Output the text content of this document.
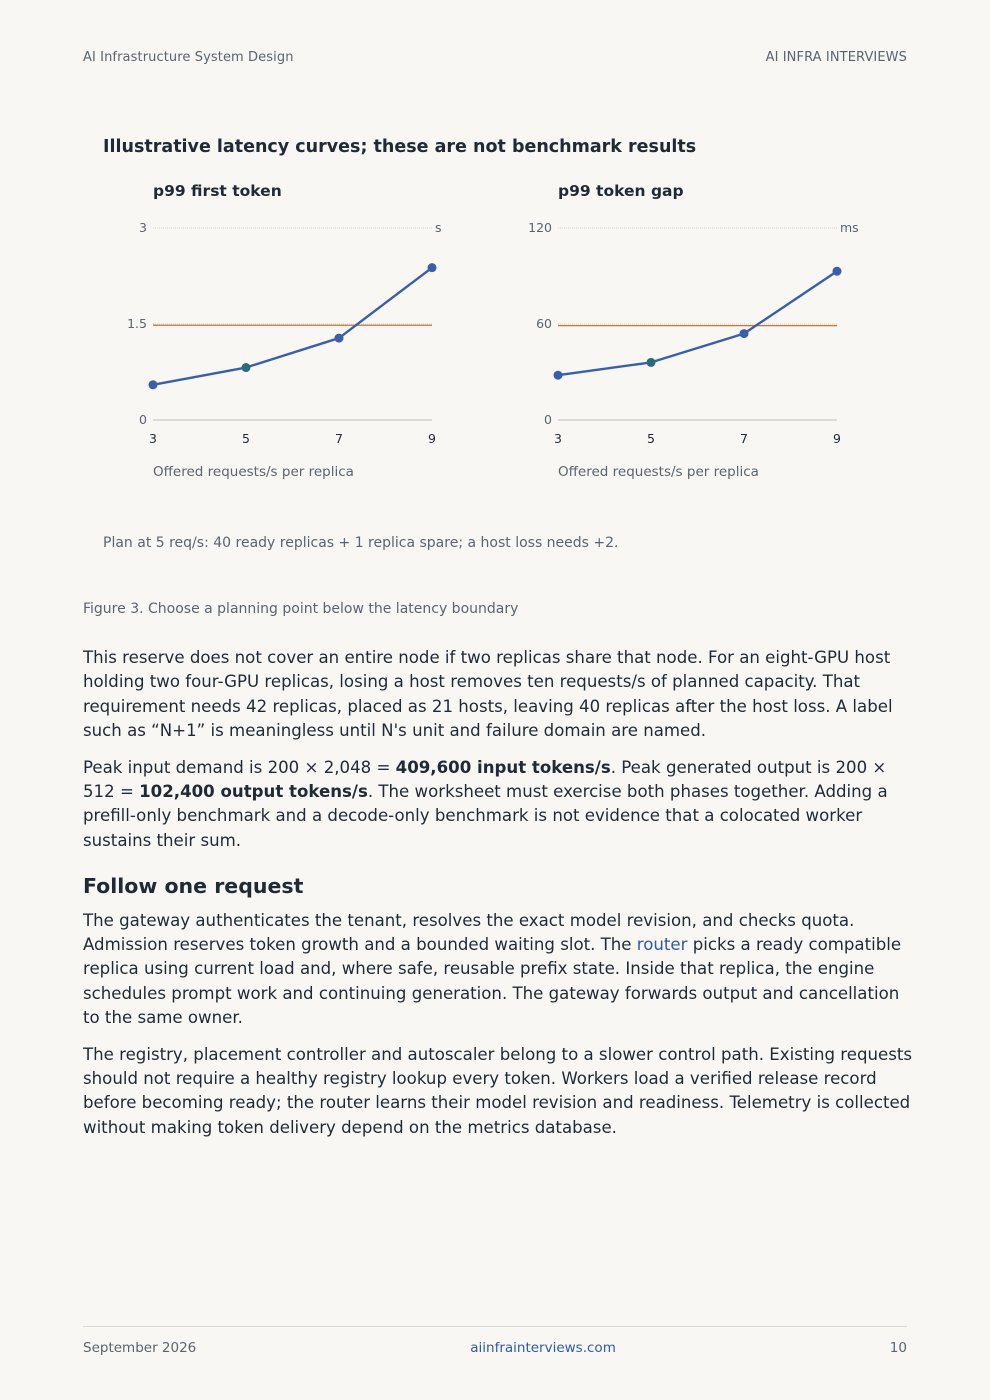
AI Infrastructure System Design	AI INFRA INTERVIEWS
Illustrative latency curves; these are not benchmark results
p99 first token
0
1.5
3	s
3	5	7	9
Offered requests/s per replica
p99 token gap
0
60
120	ms
3	5	7	9
Offered requests/s per replica
Plan at 5 req/s: 40 ready replicas + 1 replica spare; a host loss needs +2.
Figure 3. Choose a planning point below the latency boundary

This reserve does not cover an entire node if two replicas share that node. For an eight-GPU host holding two four-GPU replicas, losing a host removes ten requests/s of planned capacity. That requirement needs 42 replicas, placed as 21 hosts, leaving 40 replicas after the host loss. A label such as “N+1” is meaningless until N's unit and failure domain are named.

Peak input demand is 200 × 2,048 = 409,600 input tokens/s. Peak generated output is 200 × 512 = 102,400 output tokens/s. The worksheet must exercise both phases together. Adding a prefill-only benchmark and a decode-only benchmark is not evidence that a colocated worker sustains their sum.

Follow one request

The gateway authenticates the tenant, resolves the exact model revision, and checks quota. Admission reserves token growth and a bounded waiting slot. The router picks a ready compatible replica using current load and, where safe, reusable prefix state. Inside that replica, the engine schedules prompt work and continuing generation. The gateway forwards output and cancellation to the same owner.

The registry, placement controller and autoscaler belong to a slower control path. Existing requests should not require a healthy registry lookup every token. Workers load a verified release record before becoming ready; the router learns their model revision and readiness. Telemetry is collected without making token delivery depend on the metrics database.

September 2026	aiinfrainterviews.com	10
